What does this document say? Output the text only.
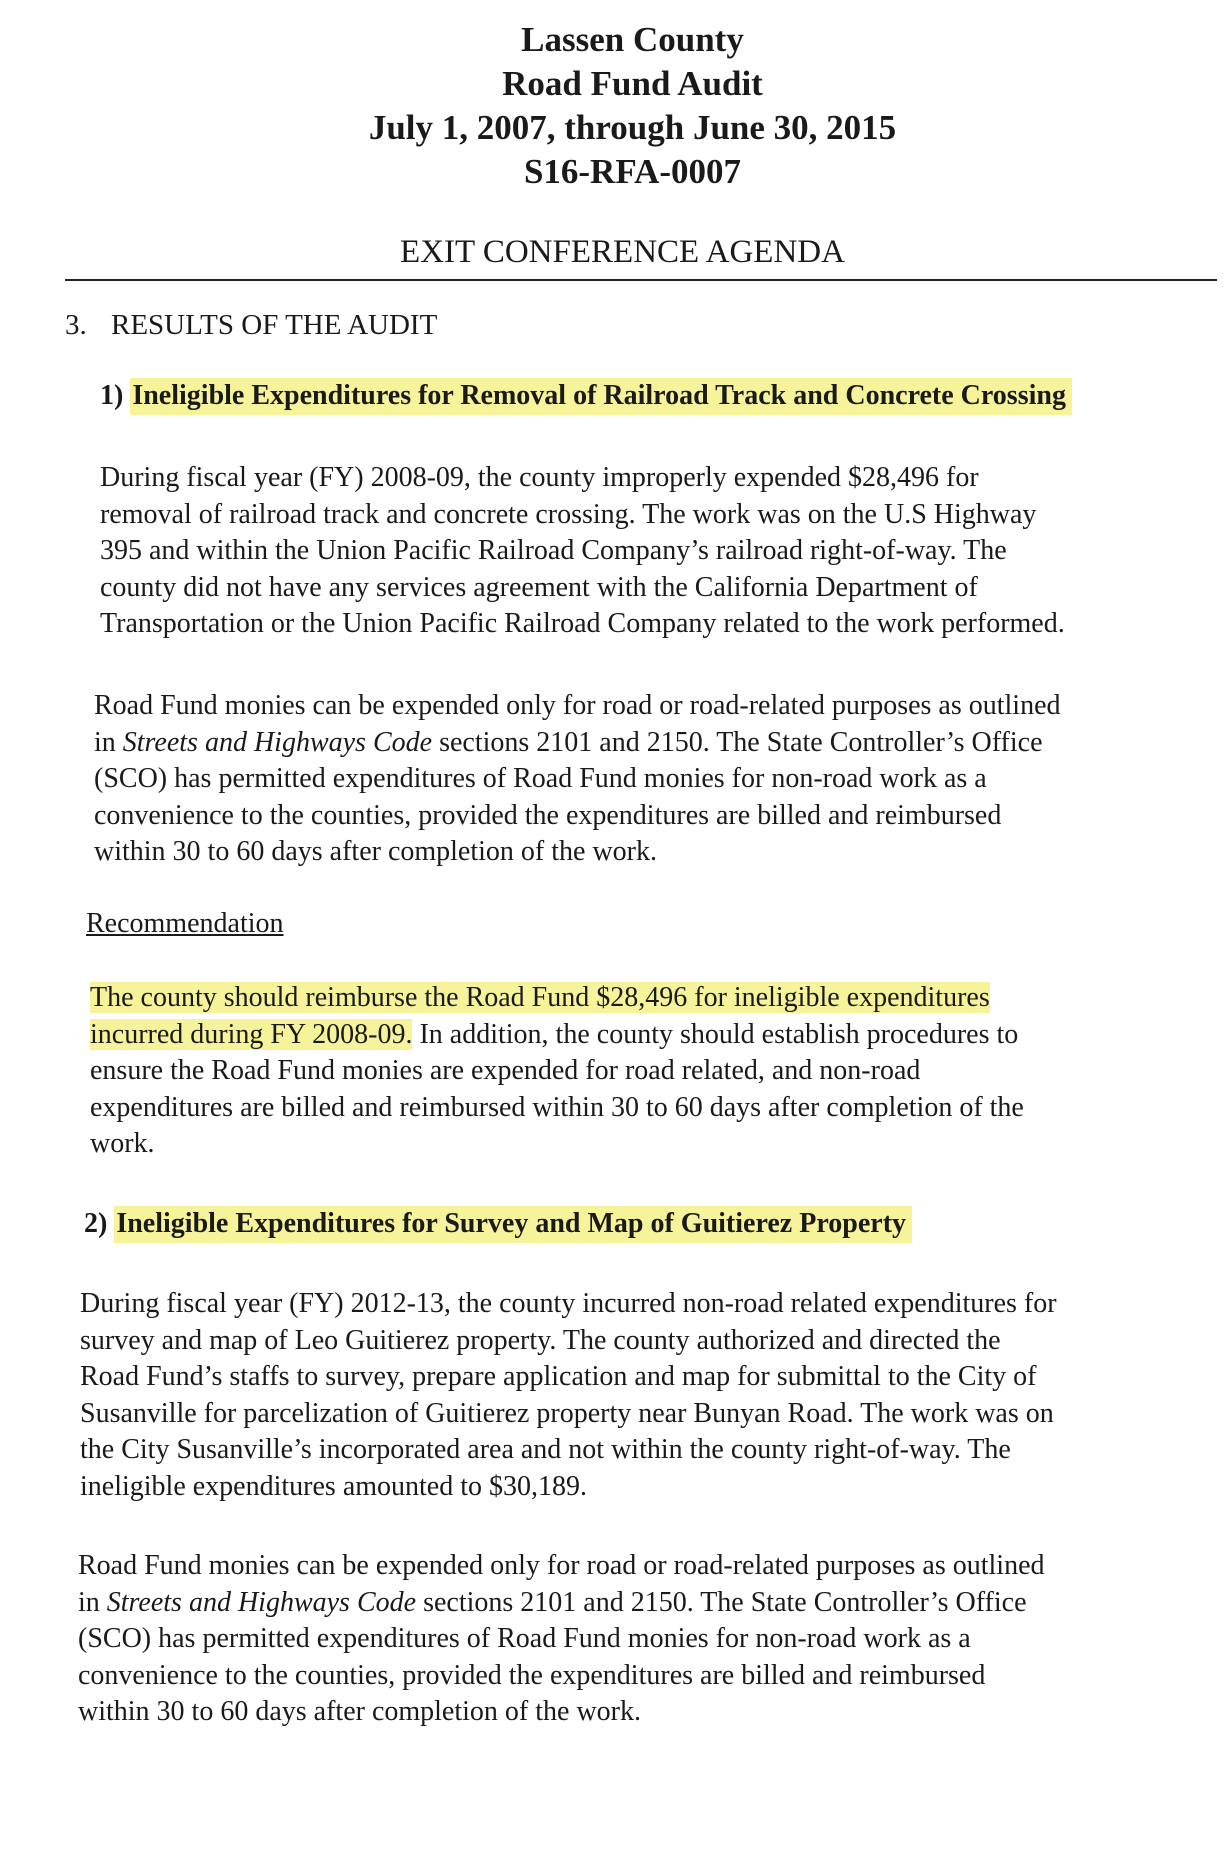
Lassen County
Road Fund Audit
July 1, 2007, through June 30, 2015
S16-RFA-0007
EXIT CONFERENCE AGENDA
3. RESULTS OF THE AUDIT
1) Ineligible Expenditures for Removal of Railroad Track and Concrete Crossing
During fiscal year (FY) 2008-09, the county improperly expended $28,496 for
removal of railroad track and concrete crossing. The work was on the U.S Highway
395 and within the Union Pacific Railroad Company’s railroad right-of-way. The
county did not have any services agreement with the California Department of
Transportation or the Union Pacific Railroad Company related to the work performed.
Road Fund monies can be expended only for road or road-related purposes as outlined
in Streets and Highways Code sections 2101 and 2150. The State Controller’s Office
(SCO) has permitted expenditures of Road Fund monies for non-road work as a
convenience to the counties, provided the expenditures are billed and reimbursed
within 30 to 60 days after completion of the work.
Recommendation
The county should reimburse the Road Fund $28,496 for ineligible expenditures
incurred during FY 2008-09. In addition, the county should establish procedures to
ensure the Road Fund monies are expended for road related, and non-road
expenditures are billed and reimbursed within 30 to 60 days after completion of the
work.
2) Ineligible Expenditures for Survey and Map of Guitierez Property
During fiscal year (FY) 2012-13, the county incurred non-road related expenditures for
survey and map of Leo Guitierez property. The county authorized and directed the
Road Fund’s staffs to survey, prepare application and map for submittal to the City of
Susanville for parcelization of Guitierez property near Bunyan Road. The work was on
the City Susanville’s incorporated area and not within the county right-of-way. The
ineligible expenditures amounted to $30,189.
Road Fund monies can be expended only for road or road-related purposes as outlined
in Streets and Highways Code sections 2101 and 2150. The State Controller’s Office
(SCO) has permitted expenditures of Road Fund monies for non-road work as a
convenience to the counties, provided the expenditures are billed and reimbursed
within 30 to 60 days after completion of the work.
